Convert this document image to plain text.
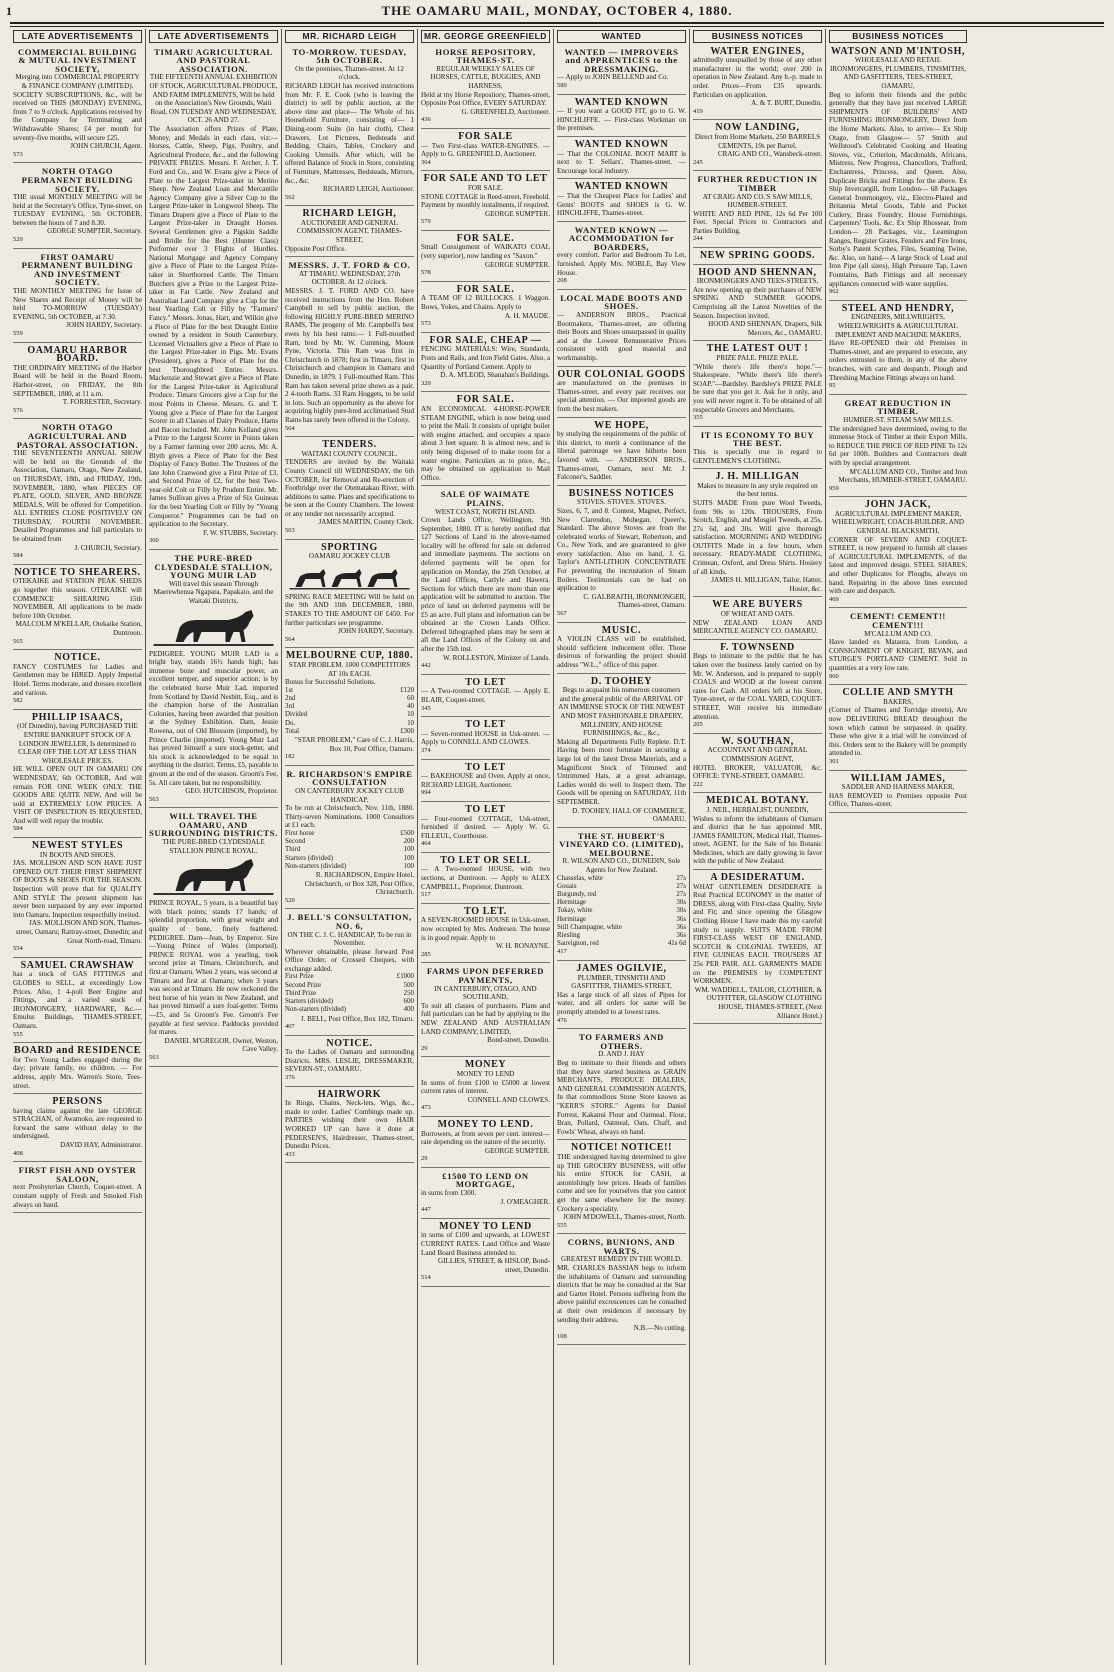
1	THE OAMARU MAIL, MONDAY, OCTOBER 4, 1880.
LATE ADVERTISEMENTS

COMMERCIAL BUILDING & MUTUAL INVESTMENT SOCIETY,

Merging into COMMERCIAL PROPERTY & FINANCE COMPANY (LIMITED).

SOCIETY SUBSCRIPTIONS, &c., will be received on THIS (MONDAY) EVENING, from 7 to 9 o'clock. Applications received by the Company for Terminating and Withdrawable Shares; £4 per month for seventy-five months, will secure £25.

JOHN CHURCH, Agent.

573

NORTH OTAGO PERMANENT BUILDING SOCIETY.

THE usual MONTHLY MEETING will be held at the Secretary's Office, Tyne-street, on TUESDAY EVENING, 5th OCTOBER, between the hours of 7 and 8.30.

GEORGE SUMPTER, Secretary.

520

FIRST OAMARU PERMANENT BUILDING AND INVESTMENT SOCIETY.

THE MONTHLY MEETING for Issue of New Shares and Receipt of Money will be held TO-MORROW (TUESDAY) EVENING, 5th OCTOBER, at 7.30.

JOHN HARDY, Secretary.

559

OAMARU HARBOR BOARD.

THE ORDINARY MEETING of the Harbor Board will be held in the Board Room, Harbor-street, on FRIDAY, the 8th SEPTEMBER, 1880, at 11 a.m.

T. FORRESTER, Secretary.

576

NORTH OTAGO AGRICULTURAL AND PASTORAL ASSOCIATION.

THE SEVENTEENTH ANNUAL SHOW will be held on the Grounds of the Association, Oamaru, Otago, New Zealand, on THURSDAY, 18th, and FRIDAY, 19th, NOVEMBER, 1880, when PIECES OF PLATE, GOLD, SILVER, AND BRONZE MEDALS, Will be offered for Competition. ALL ENTRIES CLOSE POSITIVELY ON THURSDAY, FOURTH NOVEMBER. Detailed Programmes and full particulars to be obtained from

J. CHURCH, Secretary.

584

NOTICE TO SHEARERS.

OTEKAIKE and STATION PEAK SHEDS go together this season. OTEKAIKE will COMMENCE SHEARING 15th NOVEMBER. All applications to be made before 10th October.

MALCOLM M'KELLAR, Otekaike Station, Duntroon.

565

NOTICE.

FANCY COSTUMES for Ladies and Gentlemen may be HIRED. Apply Imperial Hotel. Terms moderate, and dresses excellent and various.

582

PHILLIP ISAACS,

(Of Dunedin), having PURCHASED THE ENTIRE BANKRUPT STOCK OF A LONDON JEWELLER, Is determined to CLEAR OFF THE LOT AT LESS THAN WHOLESALE PRICES.

HE WILL OPEN OUT IN OAMARU ON WEDNESDAY, 6th OCTOBER, And will remain FOR ONE WEEK ONLY. THE GOODS ARE QUITE NEW, And will be sold at EXTREMELY LOW PRICES. A VISIT OF INSPECTION IS REQUESTED, And will well repay the trouble.

584

NEWEST STYLES

IN BOOTS AND SHOES.

JAS. MOLLISON AND SON HAVE JUST OPENED OUT THEIR FIRST SHIPMENT OF BOOTS & SHOES FOR THE SEASON. Inspection will prove that for QUALITY AND STYLE The present shipment has never been surpassed by any ever imported into Oamaru. Inspection respectfully invited.

JAS. MOLLISON AND SON, Thames-street, Oamaru; Rattray-street, Dunedin; and Great North-road, Timaru.

554

SAMUEL CRAWSHAW

has a stock of GAS FITTINGS and GLOBES to SELL, at exceedingly Low Prices. Also, 1 4-poll Beer Engine and Fittings, and a varied stock of IRONMONGERY, HARDWARE, &c.—Emulus Buildings, THAMES-STREET, Oamaru.

555

BOARD and RESIDENCE

for Two Young Ladies engaged during the day; private family, no children. — For address, apply Mrs. Warren's Store, Tees-street.

PERSONS

having claims against the late GEORGE STRACHAN, of Awamoko, are requested to forward the same without delay to the undersigned.

DAVID HAY, Administrator.

408

FIRST FISH AND OYSTER SALOON,

next Presbyterian Church, Coquet-street. A constant supply of Fresh and Smoked Fish always on hand.

LATE ADVERTISEMENTS

TIMARU AGRICULTURAL AND PASTORAL ASSOCIATION.

THE FIFTEENTH ANNUAL EXHIBITION OF STOCK, AGRICULTURAL PRODUCE, AND FARM IMPLEMENTS, Will be held on the Association's New Grounds, Waiti Road, ON TUESDAY AND WEDNESDAY, OCT. 26 AND 27.

The Association offers Prizes of Plate, Money, and Medals in each class, viz:— Horses, Cattle, Sheep, Pigs, Poultry, and Agricultural Produce, &c., and the following PRIVATE PRIZES. Messrs. F. Archer, J. T. Ford and Co., and W. Evans give a Piece of Plate to the Largest Prize-taker in Merino Sheep. New Zealand Loan and Mercantile Agency Company give a Silver Cup to the Largest Prize-taker in Longwool Sheep. The Timaru Drapers give a Piece of Plate to the Largest Prize-taker in Draught Horses. Several Gentlemen give a Pigskin Saddle and Bridle for the Best (Hunter Class) Performer over 3 Flights of Hurdles. National Mortgage and Agency Company give a Piece of Plate to the Largest Prize-taker in Shorthorned Cattle. The Timaru Butchers give a Prize to the Largest Prize-taker in Fat Cattle. New Zealand and Australian Land Company give a Cup for the best Yearling Colt or Filly by "Farmers' Fancy." Messrs. Jonas, Hart, and Wilkin give a Piece of Plate for the best Draught Entire owned by a resident in South Canterbury. Licensed Victuallers give a Piece of Plate to the Largest Prize-taker in Pigs. Mr. Evans (President), gives a Piece of Plate for the best Thoroughbred Entire. Messrs. Mackenzie and Stewart give a Piece of Plate for the Largest Prize-taker in Agricultural Produce. Timaru Grocers give a Cup for the most Points in Cheese. Messrs. G. and T. Young give a Piece of Plate for the Largest Scorer in all Classes of Dairy Produce, Hams and Bacon included. Mr. John Kelland gives a Prize to the Largest Scorer in Points taken by a Farmer farming over 200 acres. Mr. A. Blyth gives a Piece of Plate for the Best Display of Fancy Butter. The Trustees of the late John Cranwood give a First Prize of £3, and Second Prize of £2, for the best Two-year-old Colt or Filly by Prudent Entire. Mr. James Sullivan gives a Prize of Six Guineas for the best Yearling Colt or Filly by "Young Conqueror." Programmes can be had on application to the Secretary.

F. W. STUBBS, Secretary.

360

THE PURE-BRED CLYDESDALE STALLION, YOUNG MUIR LAD

Will travel this season Through Maerewhenua Ngapara, Papakaio, and the Waitaki Districts.

PEDIGREE. YOUNG MUIR LAD is a bright bay, stands 16½ hands high; has immense bone and muscular power, an excellent temper, and superior action; is by the celebrated horse Muir Lad, imported from Scotland by David Nesbitt, Esq., and is the champion horse of the Australian Colonies, having been awarded that position at the Sydney Exhibition. Dam, Jessie Rowena, out of Old Blossom (imported), by Prince Charlie (imported). Young Muir Lad has proved himself a sure stock-getter, and his stock is acknowledged to be equal to anything in the district. Terms, £5, payable to groom at the end of the season. Groom's Fee, 5s. All care taken, but no responsibility.

GEO. HUTCHISON, Proprietor.

563

WILL TRAVEL THE OAMARU, AND SURROUNDING DISTRICTS.

THE PURE-BRED CLYDESDALE STALLION PRINCE ROYAL.

PRINCE ROYAL, 5 years, is a beautiful bay with black points; stands 17 hands; of splendid proportion, with great weight and quality of bone, finely feathered. PEDIGREE. Dam—Jean, by Emperor. Sire—Young Prince of Wales (imported). PRINCE ROYAL won a yearling, took second prize at Timaru, Christchurch, and first at Oamaru. When 2 years, was second at Timaru and first at Oamaru; when 3 years was second at Timaru. He now reckoned the best horse of his years in New Zealand, and has proved himself a sure foal-getter. Terms—£5, and 5s Groom's Fee. Groom's Fee payable at first service. Paddocks provided for mares.

DANIEL M'GREGOR, Owner, Weston, Cave Valley.

563

MR. RICHARD LEIGH

TO-MORROW. TUESDAY, 5th OCTOBER.

On the premises, Thames-street. At 12 o'clock.

RICHARD LEIGH has received instructions from Mr. F. E. Cook (who is leaving the district) to sell by public auction, at the above time and place— The Whole of his Household Furniture, consisting of— 1 Dining-room Suite (in hair cloth), Chest Drawers, Lot Pictures, Bedsteads and Bedding, Chairs, Tables, Crockery and Cooking Utensils. After which, will be offered Balance of Stock in Store, consisting of Furniture, Mattresses, Bedsteads, Mirrors, &c., &c.

RICHARD LEIGH, Auctioneer.

562

RICHARD LEIGH,

AUCTIONEER AND GENERAL COMMISSION AGENT, THAMES-STREET,

Opposite Post Office.

MESSRS. J. T. FORD & CO.

AT TIMARU. WEDNESDAY, 27th OCTOBER. At 12 o'clock.

MESSRS. J. T. FORD AND CO. have received instructions from the Hon. Robert Campbell to sell by public auction, the following HIGHLY PURE-BRED MERINO RAMS, The progeny of Mr. Campbell's best ewes by his best rams:— 1 Full-mouthed Ram, bred by Mr. W. Cumming, Mount Pyne, Victoria. This Ram was first in Christchurch in 1878; first in Timaru, first in Christchurch and champion in Oamaru and Dunedin, in 1879. 1 Full-mouthed Ram. This Ram has taken several prize shows as a pair. 2 4-tooth Rams. 33 Ram Hoggets, to be sold in lots. Such an opportunity as the above for acquiring highly pure-bred acclimatised Stud Rams has rarely been offered in the Colony.

564

TENDERS.

WAITAKI COUNTY COUNCIL.

TENDERS are invited by the Waitaki County Council till WEDNESDAY, the 6th OCTOBER, for Removal and Re-erection of Footbridge over the Otematakau River, with additions to same. Plans and specifications to be seen at the County Chambers. The lowest or any tender not necessarily accepted.

JAMES MARTIN, County Clerk.

503

SPORTING

OAMARU JOCKEY CLUB

SPRING RACE MEETING Will be held on the 9th AND 10th DECEMBER, 1880. STAKES TO THE AMOUNT OF £450. For further particulars see programme.

JOHN HARDY, Secretary.

564

MELBOURNE CUP, 1880.

STAR PROBLEM. 1000 COMPETITORS AT 10s EACH.

Bonus for Successful Solutions.

1st	£120
2nd	60
3rd	40
Divided	10
Do.	10
Total	£300

"STAR PROBLEM," Care of C. J. Harris, Box 10, Post Office, Oamaru.

182

R. RICHARDSON'S EMPIRE CONSULTATION

ON CANTERBURY JOCKEY CLUB HANDICAP.

To be run at Christchurch, Nov. 11th, 1880. Thirty-seven Nominations. 1000 Consultors at £1 each.

First horse	£500
Second	200
Third	100
Starters (divided)	100
Non-starters (divided)	100

R. RICHARDSON, Empire Hotel, Christchurch, or Box 328, Post Office, Christchurch.

520

J. BELL'S CONSULTATION, NO. 6,

ON THE C. J. C. HANDICAP, To be run in November.

Wherever obtainable, please forward Post Office Order, or Crossed Cheques, with exchange added.

First Prize	£1000
Second Prize	500
Third Prize	250
Starters (divided)	600
Non-starters (divided)	400

J. BELL, Post Office, Box 182, Timaru.

407

NOTICE.

To the Ladies of Oamaru and surrounding Districts. MRS. LESLIE, DRESSMAKER, SEVERN-ST., OAMARU.

376

HAIRWORK

In Rings, Chains, Neck-lets, Wigs, &c., made to order. Ladies' Combings made up. PARTIES wishing their own HAIR WORKED UP can have it done at PEDERSEN'S, Hairdresser, Thames-street, Dunedin Prices.

433

MR. GEORGE GREENFIELD

HORSE REPOSITORY, THAMES-ST.

REGULAR WEEKLY SALES OF HORSES, CATTLE, BUGGIES, AND HARNESS,

Held at my Horse Repository, Thames-street, Opposite Post Office, EVERY SATURDAY.

G. GREENFIELD, Auctioneer.

436

FOR SALE

— Two First-class WATER-ENGINES. — Apply to G. GREENFIELD, Auctioneer.

364

FOR SALE AND TO LET

FOR SALE.

STONE COTTAGE in Reed-street, Freehold. Payment by monthly instalments, if required.

GEORGE SUMPTER.

579

FOR SALE.

Small Consignment of WAIKATO COAL (very superior), now landing ex "Saxon."

GEORGE SUMPTER.

578

FOR SALE.

A TEAM OF 12 BULLOCKS. 1 Waggon. Bows, Yokes, and Chains. Apply to

A. H. MAUDE.

573

FOR SALE, CHEAP —

FENCING MATERIALS: Wire, Standards, Posts and Rails, and Iron Field Gates. Also, a Quantity of Portland Cement. Apply to

D. A. M'LEOD, Shanahan's Buildings.

320

FOR SALE.

AN ECONOMICAL 4-HORSE-POWER STEAM ENGINE, which is now being used to print the Mail. It consists of upright boiler with engine attached, and occupies a space about 3 feet square. It is almost new, and is only being disposed of to make room for a water engine. Particulars as to price, &c., may be obtained on application to Mail Office.

SALE OF WAIMATE PLAINS.

WEST COAST, NORTH ISLAND.

Crown Lands Office, Wellington, 9th September, 1880. IT is hereby notified that 127 Sections of Land in the above-named locality will be offered for sale on deferred and immediate payments. The sections on deferred payments will be open for application on Monday, the 25th October, at the Land Offices, Carlyle and Hawera. Sections for which there are more than one application will be submitted to auction. The price of land on deferred payments will be £5 an acre. Full plans and information can be obtained at the Crown Lands Office. Deferred lithographed plans may be seen at all the Land Offices of the Colony on and after the 15th inst.

W. ROLLESTON, Minister of Lands.

442

TO LET

— A Two-roomed COTTAGE. — Apply E. BLAIR, Coquet-street.

345

TO LET

— Seven-roomed HOUSE in Usk-street. — Apply to CONNELL AND CLOWES.

374

TO LET

— BAKEHOUSE and Oven. Apply at once, RICHARD LEIGH, Auctioneer.

994

TO LET

— Four-roomed COTTAGE, Usk-street, furnished if desired. — Apply W. G. FILLEUL, Courthouse.

464

TO LET OR SELL

— A Two-roomed HOUSE, with two sections, at Duntroon. — Apply to ALEX CAMPBELL, Proprietor, Duntroon.

517

TO LET.

A SEVEN-ROOMED HOUSE in Usk-street, now occupied by Mrs. Andersen. The house is in good repair. Apply to

W. H. RONAYNE.

285

FARMS UPON DEFERRED PAYMENTS,

IN CANTERBURY, OTAGO, AND SOUTHLAND,

To suit all classes of purchasers. Plans and full particulars can be had by applying to the NEW ZEALAND AND AUSTRALIAN LAND COMPANY, LIMITED,

Bond-street, Dunedin.

29

MONEY

MONEY TO LEND

In sums of from £100 to £5000 at lowest current rates of interest.

CONNELL AND CLOWES.

473

MONEY TO LEND.

Borrowers, at from seven per cent. interest—rate depending on the nature of the security.

GEORGE SUMPTER.

29

£1500 TO LEND ON MORTGAGE,

in sums from £300.

J. O'MEAGHER.

447

MONEY TO LEND

in sums of £100 and upwards, at LOWEST CURRENT RATES. Land Office and Waste Land Board Business attended to.

GILLIES, STREET, & HISLOP, Bond-street, Dunedin.

514

WANTED

WANTED — IMPROVERS and APPRENTICES to the DRESSMAKING.

— Apply to JOHN BELLEND and Co.

580

WANTED KNOWN

— If you want a GOOD FIT, go to G. W. HINCHLIFFE. — First-class Workman on the premises.

WANTED KNOWN

— That the COLONIAL BOOT MART is next to T. Sellars', Thames-street. — Encourage local industry.

WANTED KNOWN

— That the Cheapest Place for Ladies' and Gents' BOOTS and SHOES is G. W. HINCHLIFFE, Thames-street.

WANTED KNOWN — ACCOMMODATION for BOARDERS,

every comfort. Parlor and Bedroom To Let, furnished. Apply Mrs. NOBLE, Bay View House.

208

LOCAL MADE BOOTS AND SHOES.

— ANDERSON BROS., Practical Bootmakers, Thames-street, are offering their Boots and Shoes unsurpassed in quality and at the Lowest Remunerative Prices consistent with good material and workmanship.

OUR COLONIAL GOODS

are manufactured on the premises in Thames-street, and every pair receives our special attention. — Our imported goods are from the best makers.

WE HOPE,

by studying the requirements of the public of this district, to merit a continuance of the liberal patronage we have hitherto been favored with. — ANDERSON BROS., Thames-street, Oamaru, next Mr. J. Falconer's, Saddler.

BUSINESS NOTICES

STOVES. STOVES. STOVES.

Sizes, 6, 7, and 8. Contest, Magnet, Perfect, New Clarendon, Mohegan, Queen's, Standard. The above Stoves are from the celebrated works of Stewart, Robertson, and Co., New York, and are guaranteed to give every satisfaction. Also on hand, J. G. Taylor's ANTI-LITHON CONCENTRATE For preventing the incrustation of Steam Boilers. Testimonials can be had on application to

C. GALBRAITH, IRONMONGER, Thames-street, Oamaru.

567

MUSIC.

A VIOLIN CLASS will be established, should sufficient inducement offer. Those desirous of forwarding the project should address "W.L.," office of this paper.

D. TOOHEY

Begs to acquaint his numerous customers and the general public of the ARRIVAL OF AN IMMENSE STOCK OF THE NEWEST AND MOST FASHIONABLE DRAPERY, MILLINERY, AND HOUSE FURNISHINGS, &c., &c.,

Making all Departments Fully Replete. D.T. Having been most fortunate in securing a large lot of the latest Dress Materials, and a Magnificent Stock of Trimmed and Untrimmed Hats, at a great advantage, Ladies would do well to Inspect them. The Goods will be opening on SATURDAY, 11th SEPTEMBER.

D. TOOHEY, HALL OF COMMERCE, OAMARU.

THE ST. HUBERT'S VINEYARD CO. (LIMITED), MELBOURNE.

R. WILSON AND CO., DUNEDIN, Sole Agents for New Zealand.

Chasselas, white	27s
Gouais	27s
Burgundy, red	27s
Hermitage	30s
Tokay, white	30s
Hermitage	36s
Still Champagne, white	36s
Riesling	36s
Sauvignon, red	41s 6d

417

JAMES OGILVIE,

PLUMBER, TINSMITH AND GASFITTER, THAMES-STREET,

Has a large stock of all sizes of Pipes for water, and all orders for same will be promptly attended to at lowest rates.

476

TO FARMERS AND OTHERS.

D. AND J. HAY

Beg to intimate to their friends and others that they have started business as GRAIN MERCHANTS, PRODUCE DEALERS, AND GENERAL COMMISSION AGENTS, In that commodious Stone Store known as "KERR'S STORE." Agents for Daniel Forrest, Kakanui Flour and Oatmeal. Flour, Bran, Pollard, Oatmeal, Oats, Chaff, and Fowls' Wheat, always on hand.

NOTICE! NOTICE!!

THE undersigned having determined to give up THE GROCERY BUSINESS, will offer his entire STOCK for CASH, at astonishingly low prices. Heads of families come and see for yourselves that you cannot get the same elsewhere for the money. Crockery a speciality.

JOHN M'DOWELL, Thames-street, North.

555

CORNS, BUNIONS, AND WARTS.

GREATEST REMEDY IN THE WORLD.

MR. CHARLES BASSIAN begs to inform the inhabitants of Oamaru and surrounding districts that he may be consulted at the Star and Garter Hotel. Persons suffering from the above painful excrescences can be consulted at their own residences if necessary by sending their address.

N.B.—No cutting.

108

BUSINESS NOTICES

WATER ENGINES,

admittedly unequalled by those of any other manufacturer in the world; over 200 in operation in New Zealand. Any h.-p. made to order. Prices—From £35 upwards. Particulars on application.

A. & T. BURT, Dunedin.

419

NOW LANDING,

Direct from Home Markets, 250 BARRELS CEMENTS, 19s per Barrel.

CRAIG AND CO., Wansbeck-street.

245

FURTHER REDUCTION IN TIMBER

AT CRAIG AND CO.'S SAW MILLS, HUMBER-STREET.

WHITE AND RED PINE, 12s 6d Per 100 Feet. Special Prices to Contractors and Parties Building.

244

NEW SPRING GOODS.

HOOD AND SHENNAN,

IRONMONGERS AND TEES-STREETS,

Are now opening up their purchases of NEW SPRING AND SUMMER GOODS, Comprising all the Latest Novelties of the Season. Inspection invited.

HOOD AND SHENNAN, Drapers, Silk Mercers, &c., OAMARU.

THE LATEST OUT !

PRIZE PALE. PRIZE PALE.

"While there's life there's hope."—Shakespeare. "While there's life there's SOAP."—Bardsley. Bardsley's PRIZE PALE be sure that you get it. Ask for it only, and you will never regret it. To be obtained of all respectable Grocers and Merchants.

355

IT IS ECONOMY TO BUY THE BEST.

This is specially true in regard to GENTLEMEN'S CLOTHING.

J. H. MILLIGAN

Makes to measure in any style required on the best terms.

SUITS MADE From pure Wool Tweeds, from 90s to 120s. TROUSERS, From Scotch, English, and Mosgiel Tweeds, at 25s, 27s 6d, and 30s. Will give thorough satisfaction. MOURNING AND WEDDING OUTFITS Made in a few hours, when necessary. READY-MADE CLOTHING, Crimean, Oxford, and Dress Shirts. Hosiery of all kinds.

JAMES H. MILLIGAN, Tailor, Hatter, Hosier, &c.

WE ARE BUYERS

OF WHEAT AND OATS.

NEW ZEALAND LOAN AND MERCANTILE AGENCY CO. OAMARU.

F. TOWNSEND

Begs to intimate to the public that he has taken over the business lately carried on by Mr. W. Anderson, and is prepared to supply COALS and WOOD at the lowest current rates for Cash. All orders left at his Store, Tyne-street, or the COAL YARD, COQUET-STREET, Will receive his immediate attention.

205

W. SOUTHAN,

ACCOUNTANT AND GENERAL COMMISSION AGENT,

HOTEL BROKER, VALUATOR, &c. OFFICE: TYNE-STREET, OAMARU.

222

MEDICAL BOTANY.

J. NEIL, HERBALIST, DUNEDIN,

Wishes to inform the inhabitants of Oamaru and district that he has appointed MR. JAMES FAMILTON, Medical Hall, Thames-street, AGENT, for the Sale of his Botanic Medicines, which are daily growing in favor with the public of New Zealand.

A DESIDERATUM.

WHAT GENTLEMEN DESIDERATE is Real Practical ECONOMY in the matter of DRESS, along with First-class Quality, Style and Fit; and since opening the Glasgow Clothing House I have made this my careful study to supply. SUITS MADE FROM FIRST-CLASS WEST OF ENGLAND, SCOTCH & COLONIAL TWEEDS, AT FIVE GUINEAS EACH. TROUSERS AT 25s PER PAIR. ALL GARMENTS MADE on the PREMISES by COMPETENT WORKMEN.

WM. WADDELL, TAILOR, CLOTHIER, & OUTFITTER, GLASGOW CLOTHING HOUSE, THAMES-STREET, (Next Alliance Hotel.)

BUSINESS NOTICES

WATSON AND M'INTOSH,

WHOLESALE AND RETAIL IRONMONGERS, PLUMBERS, TINSMITHS, AND GASFITTERS, TEES-STREET, OAMARU,

Beg to inform their friends and the public generally that they have just received LARGE SHIPMENTS OF BUILDERS' AND FURNISHING IRONMONGERY, Direct from the Home Markets. Also, to arrive— Ex Ship Otago, from Glasgow— 57 Smith and Wellstood's Celebrated Cooking and Heating Stoves, viz., Criterion, Macdonalds, Africans, Mistress, New Progress, Chancellors, Trafford, Enchantress, Princess, and Queen. Also, Duplicate Bricks and Fittings for the above. Ex Ship Invercargill, from London— 68 Packages General Ironmongery, viz., Electro-Plated and Britannia Metal Goods, Table and Pocket Cutlery, Brass Foundry, House Furnishings, Carpenters' Tools, &c. Ex Ship Rhossear, from London— 28 Packages, viz., Leamington Ranges, Register Grates, Fenders and Fire Irons, Sorby's Patent Scythes, Files, Seaming Twine, &c. Also, on hand— A large Stock of Lead and Iron Pipe (all sizes), High Pressure Tap, Lawn Fountains, Bath Fittings and all necessary appliances connected with water supplies.

962

STEEL AND HENDRY,

ENGINEERS, MILLWRIGHTS, WHEELWRIGHTS & AGRICULTURAL IMPLEMENT AND MACHINE MAKERS,

Have RE-OPENED their old Premises in Thames-street, and are prepared to execute, any orders entrusted to them, in any of the above branches, with care and despatch. Plough and Threshing Machine Fittings always on hand.

95

GREAT REDUCTION IN TIMBER.

HUMBER-ST. STEAM SAW MILLS.

The undersigned have determined, owing to the immense Stock of Timber at their Export Mills, to REDUCE THE PRICE OF RED PINE To 12s 6d per 100ft. Builders and Contractors dealt with by special arrangement.

M'CALLUM AND CO., Timber and Iron Merchants, HUMBER-STREET, OAMARU.

959

JOHN JACK,

AGRICULTURAL IMPLEMENT MAKER, WHEELWRIGHT, COACH-BUILDER, AND GENERAL BLACKSMITH,

CORNER OF SEVERN AND COQUET-STREET, is now prepared to furnish all classes of AGRICULTURAL IMPLEMENTS, of the latest and improved design. STEEL SHARES, and other Duplicates for Ploughs, always on hand. Repairing in the above lines executed with care and despatch.

469

CEMENT! CEMENT!! CEMENT!!!

M'CALLUM AND CO.

Have landed ex Mataura, from London, a CONSIGNMENT OF KNIGHT, BEVAN, and STURGE'S PORTLAND CEMENT. Sold in quantities at a very low rate.

960

COLLIE AND SMYTH

BAKERS,

(Corner of Thames and Torridge streets), Are now DELIVERING BREAD throughout the town which cannot be surpassed in quality. Those who give it a trial will be convinced of this. Orders sent to the Bakery will be promptly attended to.

301

WILLIAM JAMES,

SADDLER AND HARNESS MAKER,

HAS REMOVED to Premises opposite Post Office, Thames-street.
